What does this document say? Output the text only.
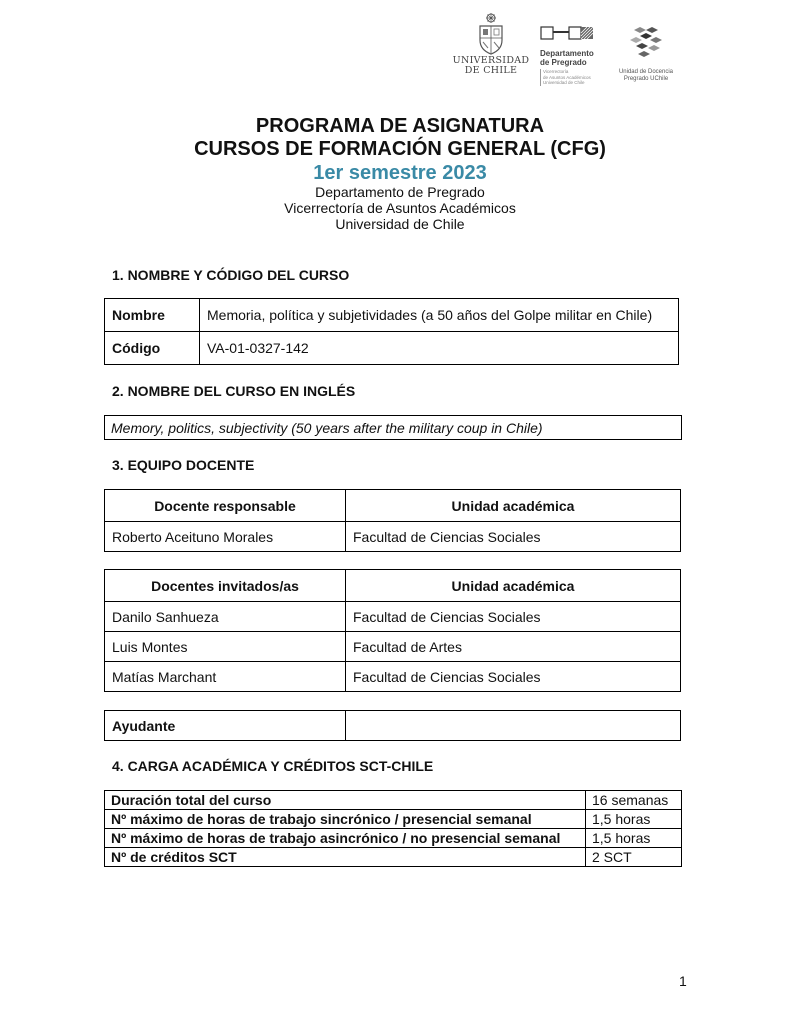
UNIVERSIDAD
DE CHILE
Departamento
de Pregrado
Vicerrectoría
de Asuntos Académicos
Universidad de Chile
Unidad de Docencia
Pregrado UChile
PROGRAMA DE ASIGNATURA
CURSOS DE FORMACIÓN GENERAL (CFG)
1er semestre 2023
Departamento de Pregrado
Vicerrectoría de Asuntos Académicos
Universidad de Chile
1. NOMBRE Y CÓDIGO DEL CURSO
Nombre	Memoria, política y subjetividades (a 50 años del Golpe militar en Chile)
Código	VA-01-0327-142
2. NOMBRE DEL CURSO EN INGLÉS
Memory, politics, subjectivity (50 years after the military coup in Chile)
3. EQUIPO DOCENTE
Docente responsable	Unidad académica
Roberto Aceituno Morales	Facultad de Ciencias Sociales
Docentes invitados/as	Unidad académica
Danilo Sanhueza	Facultad de Ciencias Sociales
Luis Montes	Facultad de Artes
Matías Marchant	Facultad de Ciencias Sociales
Ayudante	
4. CARGA ACADÉMICA Y CRÉDITOS SCT-CHILE
Duración total del curso	16 semanas
Nº máximo de horas de trabajo sincrónico / presencial semanal	1,5 horas
Nº máximo de horas de trabajo asincrónico / no presencial semanal	1,5 horas
Nº de créditos SCT	2 SCT
1
